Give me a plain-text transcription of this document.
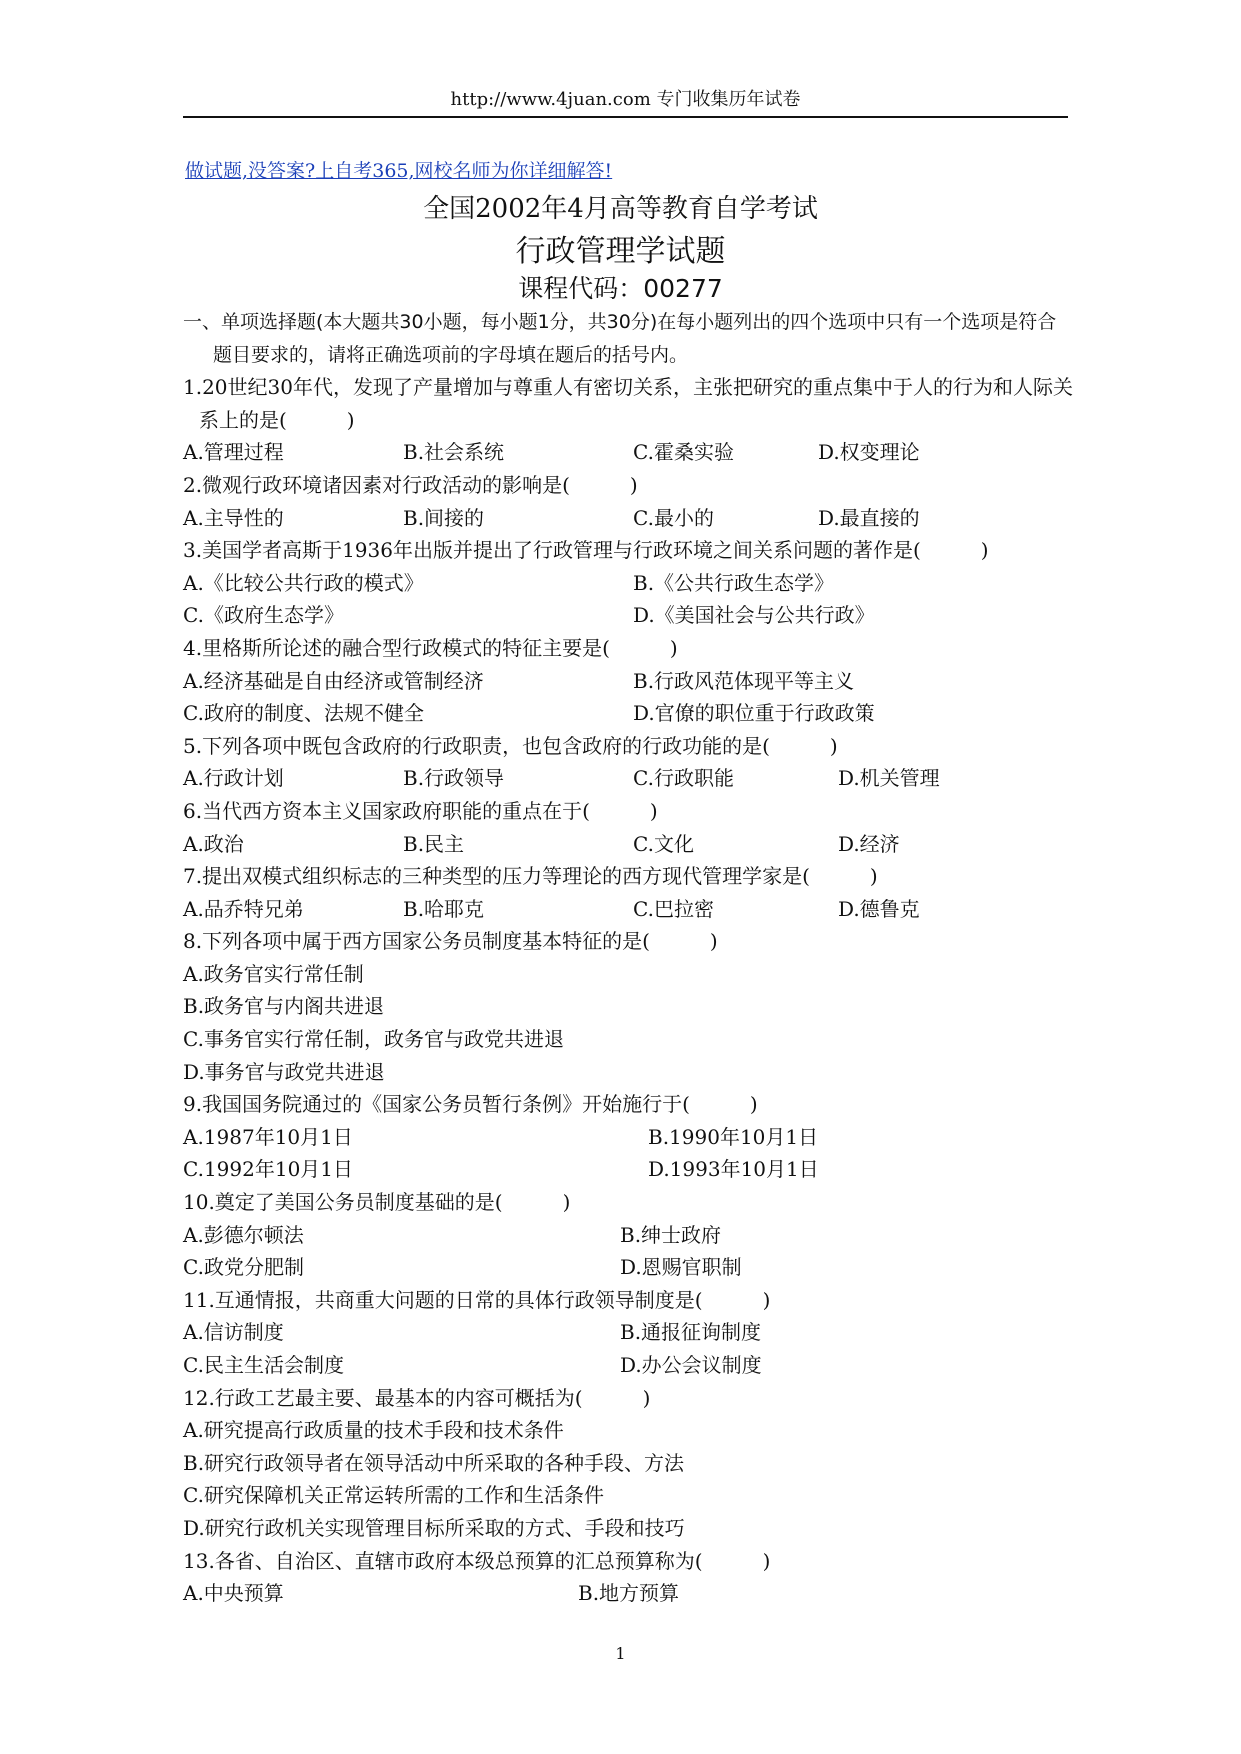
http://www.4juan.com 专门收集历年试卷
做试题,没答案?上自考365,网校名师为你详细解答!
全国2002年4月高等教育自学考试
行政管理学试题
课程代码：00277
一、单项选择题(本大题共30小题，每小题1分，共30分)在每小题列出的四个选项中只有一个选项是符合题目要求的，请将正确选项前的字母填在题后的括号内。
1.20世纪30年代，发现了产量增加与尊重人有密切关系，主张把研究的重点集中于人的行为和人际关系上的是(　　　)
A.管理过程	B.社会系统	C.霍桑实验	D.权变理论
2.微观行政环境诸因素对行政活动的影响是(　　　)
A.主导性的	B.间接的	C.最小的	D.最直接的
3.美国学者高斯于1936年出版并提出了行政管理与行政环境之间关系问题的著作是(　　　)
A.《比较公共行政的模式》	B.《公共行政生态学》
C.《政府生态学》	D.《美国社会与公共行政》
4.里格斯所论述的融合型行政模式的特征主要是(　　　)
A.经济基础是自由经济或管制经济	B.行政风范体现平等主义
C.政府的制度、法规不健全	D.官僚的职位重于行政政策
5.下列各项中既包含政府的行政职责，也包含政府的行政功能的是(　　　)
A.行政计划	B.行政领导	C.行政职能	D.机关管理
6.当代西方资本主义国家政府职能的重点在于(　　　)
A.政治	B.民主	C.文化	D.经济
7.提出双模式组织标志的三种类型的压力等理论的西方现代管理学家是(　　　)
A.品乔特兄弟	B.哈耶克	C.巴拉密	D.德鲁克
8.下列各项中属于西方国家公务员制度基本特征的是(　　　)
A.政务官实行常任制
B.政务官与内阁共进退
C.事务官实行常任制，政务官与政党共进退
D.事务官与政党共进退
9.我国国务院通过的《国家公务员暂行条例》开始施行于(　　　)
A.1987年10月1日	B.1990年10月1日
C.1992年10月1日	D.1993年10月1日
10.奠定了美国公务员制度基础的是(　　　)
A.彭德尔顿法	B.绅士政府
C.政党分肥制	D.恩赐官职制
11.互通情报，共商重大问题的日常的具体行政领导制度是(　　　)
A.信访制度	B.通报征询制度
C.民主生活会制度	D.办公会议制度
12.行政工艺最主要、最基本的内容可概括为(　　　)
A.研究提高行政质量的技术手段和技术条件
B.研究行政领导者在领导活动中所采取的各种手段、方法
C.研究保障机关正常运转所需的工作和生活条件
D.研究行政机关实现管理目标所采取的方式、手段和技巧
13.各省、自治区、直辖市政府本级总预算的汇总预算称为(　　　)
A.中央预算	B.地方预算
1
